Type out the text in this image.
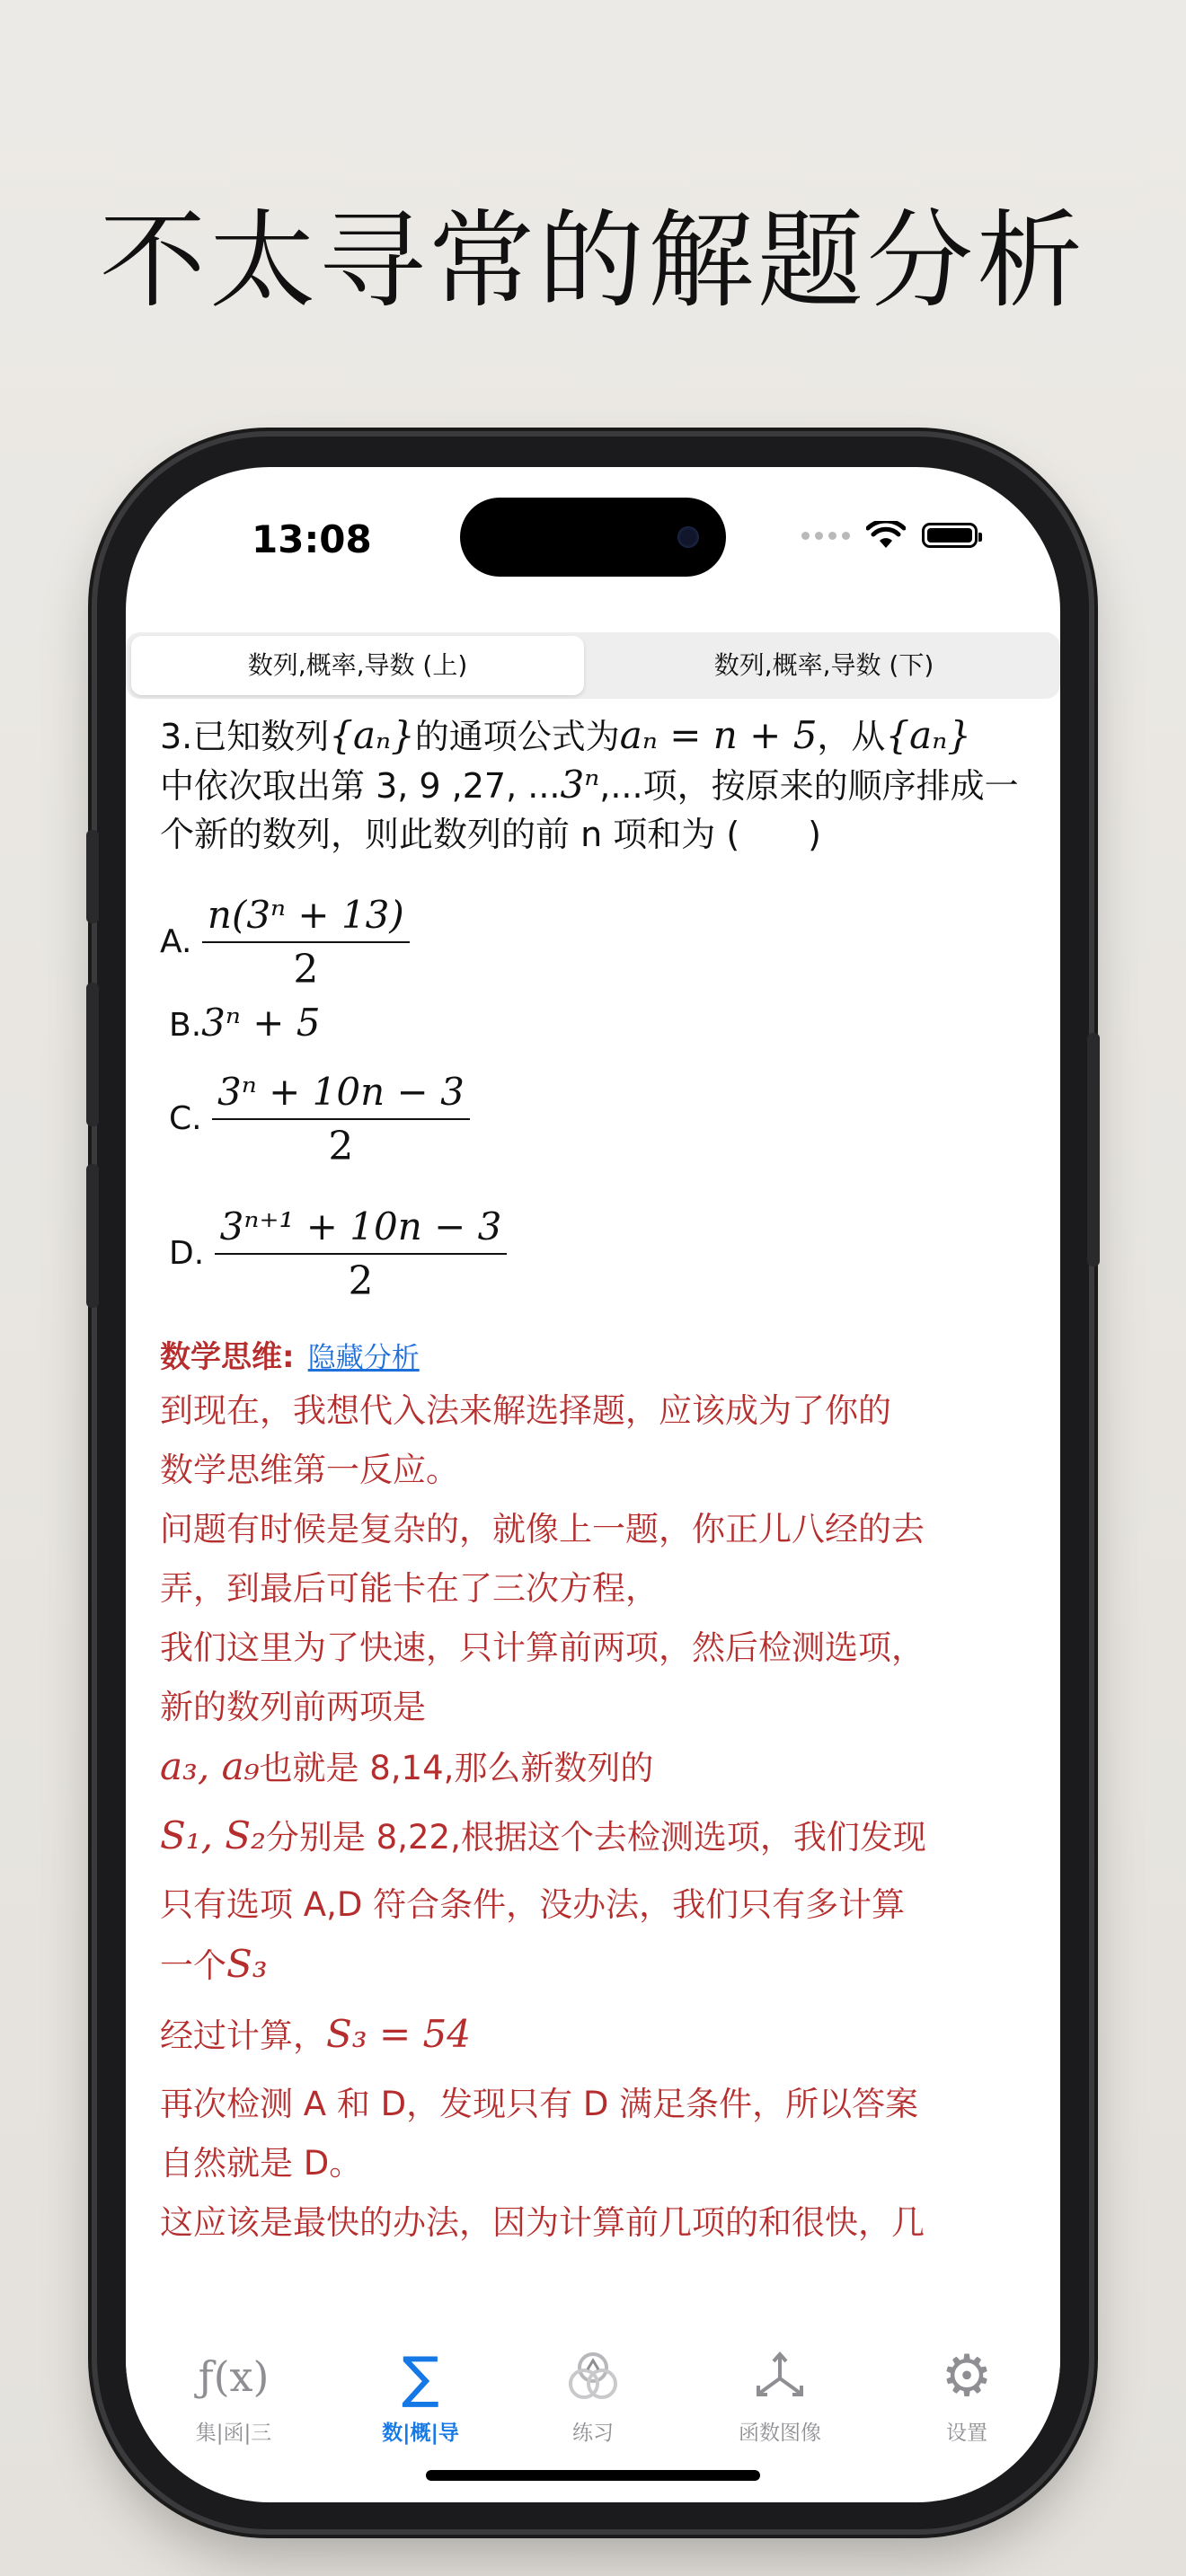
不太寻常的解题分析
13:08
数列,概率,导数 (上)	数列,概率,导数 (下)
3.已知数列{aₙ}的通项公式为aₙ = n + 5，从{aₙ}
中依次取出第 3, 9 ,27, ...3ⁿ,...项，按原来的顺序排成一个新的数列，则此数列的前 n 项和为 (　　)
A. $\frac{\text{n(3ⁿ + 13)}}{2}$
B.3ⁿ + 5
C. $\frac{\text{3ⁿ + 10n − 3}}{2}$
D. $\frac{\text{3ⁿ⁺¹ + 10n − 3}}{2}$
数学思维: 隐藏分析

到现在，我想代入法来解选择题，应该成为了你的

数学思维第一反应。

问题有时候是复杂的，就像上一题，你正儿八经的去

弄，到最后可能卡在了三次方程，

我们这里为了快速，只计算前两项，然后检测选项，

新的数列前两项是

a₃, a₉也就是 8,14,那么新数列的

S₁, S₂分别是 8,22,根据这个去检测选项，我们发现

只有选项 A,D 符合条件，没办法，我们只有多计算

一个S₃

经过计算，S₃ = 54

再次检测 A 和 D，发现只有 D 满足条件，所以答案

自然就是 D。

这应该是最快的办法，因为计算前几项的和很快，几

ƒ(x)
集|函|三
∑
数|概|导	练习	函数图像
⚙
设置
